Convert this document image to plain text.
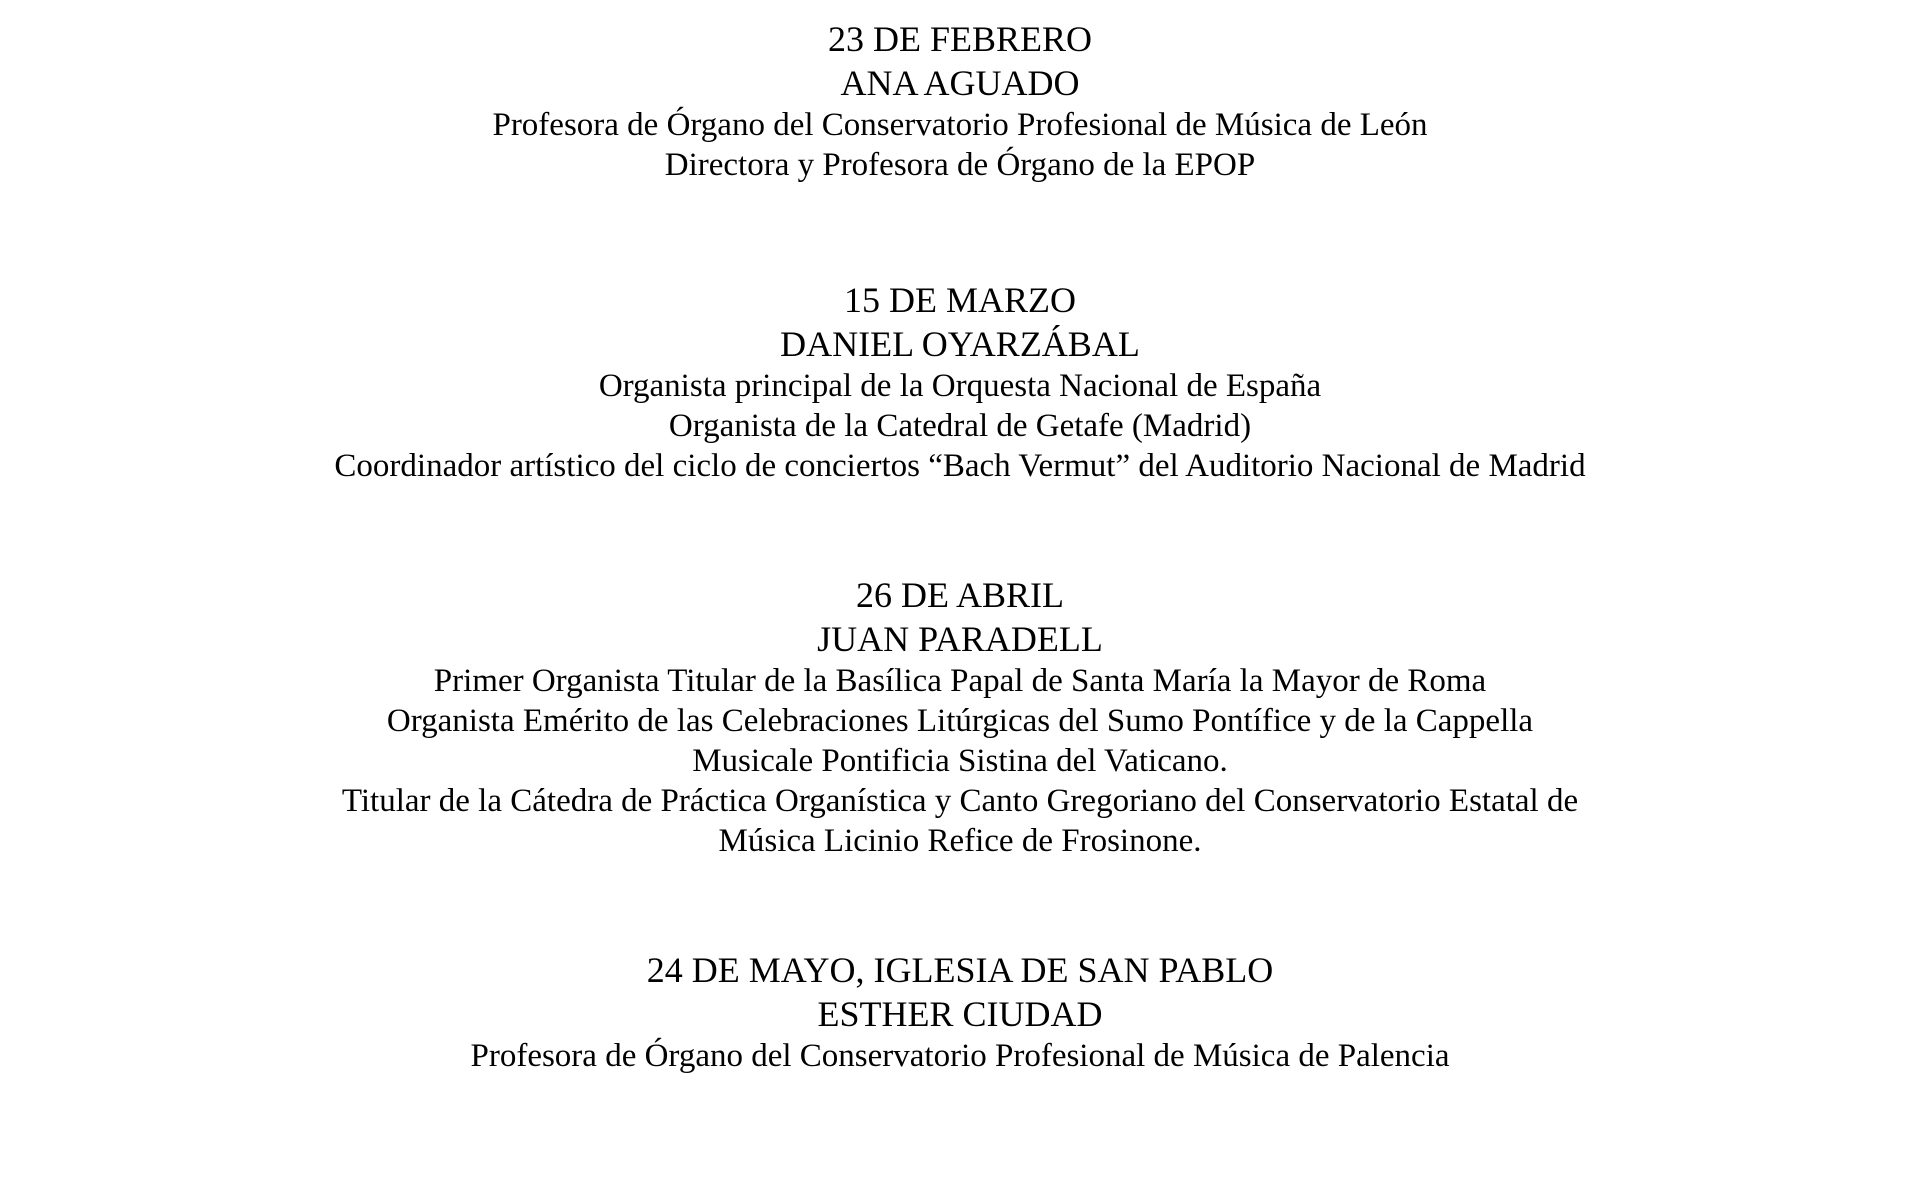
23 DE FEBRERO
ANA AGUADO
Profesora de Órgano del Conservatorio Profesional de Música de León
Directora y Profesora de Órgano de la EPOP
15 DE MARZO
DANIEL OYARZÁBAL
Organista principal de la Orquesta Nacional de España
Organista de la Catedral de Getafe (Madrid)
Coordinador artístico del ciclo de conciertos “Bach Vermut” del Auditorio Nacional de Madrid
26 DE ABRIL
JUAN PARADELL
Primer Organista Titular de la Basílica Papal de Santa María la Mayor de Roma
Organista Emérito de las Celebraciones Litúrgicas del Sumo Pontífice y de la Cappella
Musicale Pontificia Sistina del Vaticano.
Titular de la Cátedra de Práctica Organística y Canto Gregoriano del Conservatorio Estatal de
Música Licinio Refice de Frosinone.
24 DE MAYO, IGLESIA DE SAN PABLO
ESTHER CIUDAD
Profesora de Órgano del Conservatorio Profesional de Música de Palencia
